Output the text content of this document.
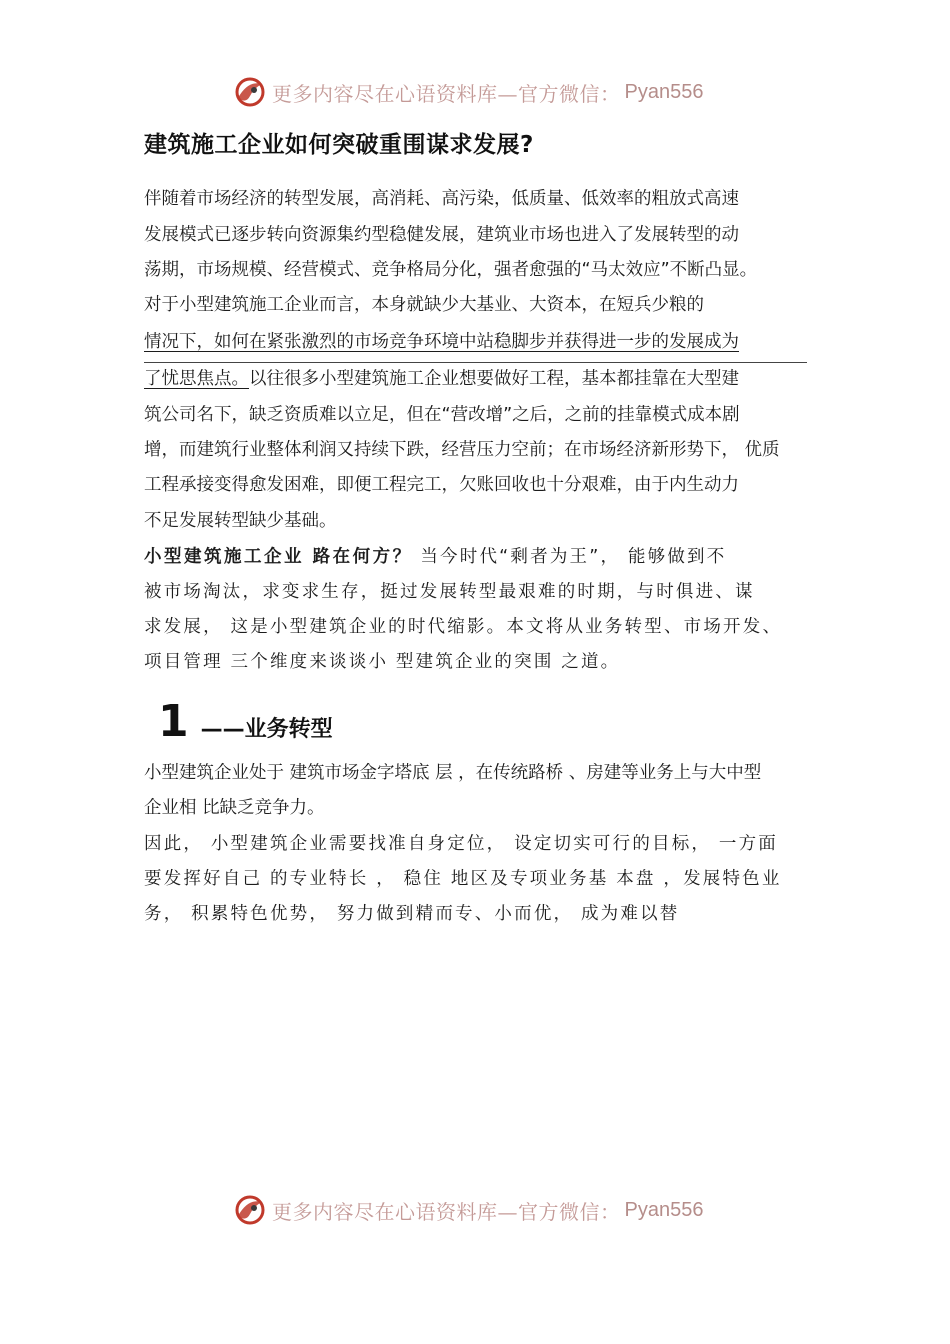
更多内容尽在心语资料库—官方微信： Pyan556
建筑施工企业如何突破重围谋求发展?

伴随着市场经济的转型发展，高消耗、高污染，低质量、低效率的粗放式高速

发展模式已逐步转向资源集约型稳健发展，建筑业市场也进入了发展转型的动

荡期，市场规模、经营模式、竞争格局分化，强者愈强的“马太效应”不断凸显。

对于小型建筑施工企业而言，本身就缺少大基业、大资本，在短兵少粮的

情况下，如何在紧张激烈的市场竞争环境中站稳脚步并获得进一步的发展成为

了忧思焦点。以往很多小型建筑施工企业想要做好工程，基本都挂靠在大型建

筑公司名下，缺乏资质难以立足，但在“营改增”之后，之前的挂靠模式成本剧

增，而建筑行业整体利润又持续下跌，经营压力空前；在市场经济新形势下， 优质

工程承接变得愈发困难，即便工程完工，欠账回收也十分艰难，由于内生动力

不足发展转型缺少基础。

小型建筑施工企业 路在何方？ 当今时代“剩者为王”， 能够做到不

被市场淘汰，求变求生存，挺过发展转型最艰难的时期，与时俱进、谋

求发展， 这是小型建筑企业的时代缩影。本文将从业务转型、市场开发、

项目管理 三个维度来谈谈小 型建筑企业的突围 之道。

1 ——业务转型

小型建筑企业处于 建筑市场金字塔底 层 ，在传统路桥 、房建等业务上与大中型

企业相 比缺乏竞争力。

因此， 小型建筑企业需要找准自身定位， 设定切实可行的目标， 一方面

要发挥好自己 的专业特长 ， 稳住 地区及专项业务基 本盘 ，发展特色业

务， 积累特色优势， 努力做到精而专、小而优， 成为难以替

更多内容尽在心语资料库—官方微信： Pyan556
